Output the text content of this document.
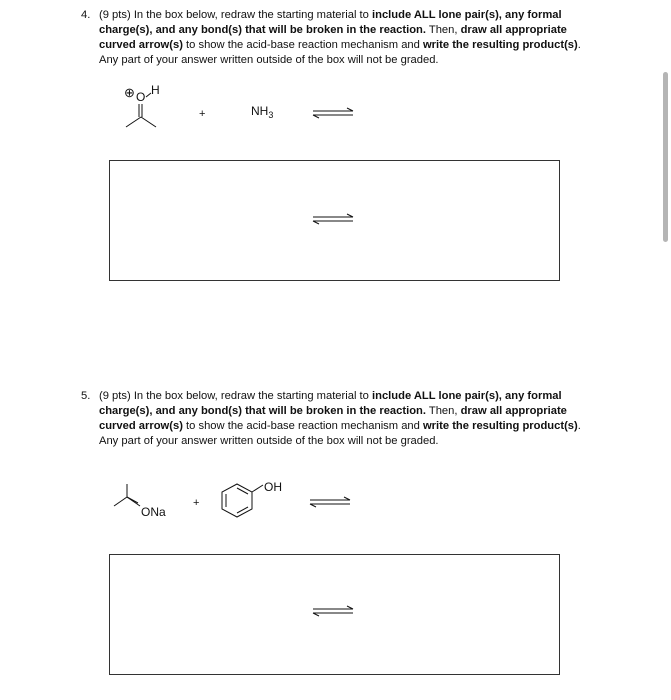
4. (9 pts) In the box below, redraw the starting material to include ALL lone pair(s), any formal charge(s), and any bond(s) that will be broken in the reaction. Then, draw all appropriate curved arrow(s) to show the acid-base reaction mechanism and write the resulting product(s). Any part of your answer written outside of the box will not be graded.
⊕ O H
+	$NH_3$
5. (9 pts) In the box below, redraw the starting material to include ALL lone pair(s), any formal charge(s), and any bond(s) that will be broken in the reaction. Then, draw all appropriate curved arrow(s) to show the acid-base reaction mechanism and write the resulting product(s). Any part of your answer written outside of the box will not be graded.
ONa
+
OH
